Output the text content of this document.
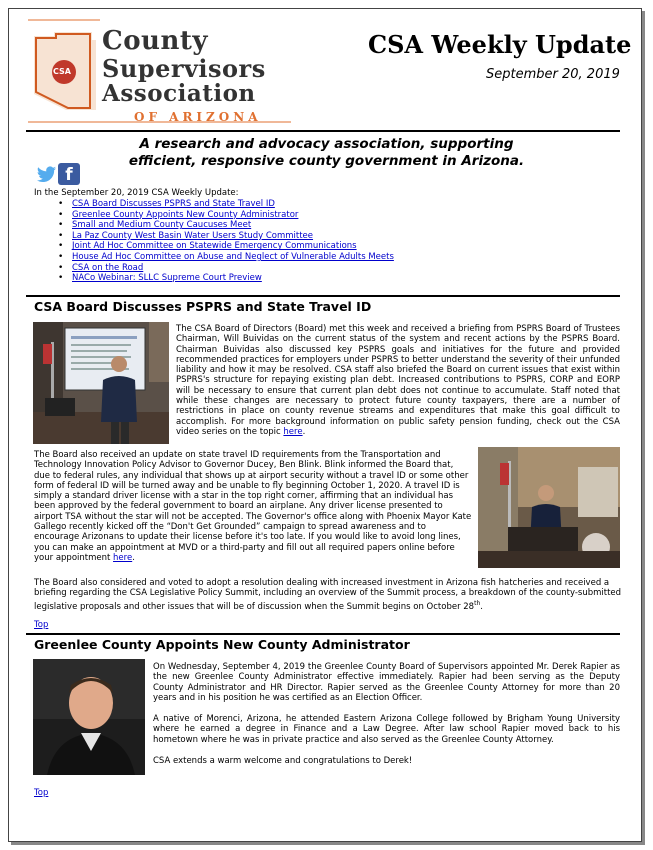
CSA
County
Supervisors
Association
OF ARIZONA
CSA Weekly Update
September 20, 2019
A research and advocacy association, supporting
efficient, responsive county government in Arizona.
f
In the September 20, 2019 CSA Weekly Update:
• CSA Board Discusses PSPRS and State Travel ID
• Greenlee County Appoints New County Administrator
• Small and Medium County Caucuses Meet
• La Paz County West Basin Water Users Study Committee
• Joint Ad Hoc Committee on Statewide Emergency Communications
• House Ad Hoc Committee on Abuse and Neglect of Vulnerable Adults Meets
• CSA on the Road
• NACo Webinar: SLLC Supreme Court Preview
CSA Board Discusses PSPRS and State Travel ID
The CSA Board of Directors (Board) met this week and received a briefing from PSPRS Board of Trustees Chairman, Will Buividas on the current status of the system and recent actions by the PSPRS Board. Chairman Buividas also discussed key PSPRS goals and initiatives for the future and provided recommended practices for employers under PSPRS to better understand the severity of their unfunded liability and how it may be resolved. CSA staff also briefed the Board on current issues that exist within PSPRS's structure for repaying existing plan debt. Increased contributions to PSPRS, CORP and EORP will be necessary to ensure that current plan debt does not continue to accumulate. Staff noted that while these changes are necessary to protect future county taxpayers, there are a number of restrictions in place on county revenue streams and expenditures that make this goal difficult to accomplish. For more background information on public safety pension funding, check out the CSA video series on the topic here.
The Board also received an update on state travel ID requirements from the Transportation and Technology Innovation Policy Advisor to Governor Ducey, Ben Blink. Blink informed the Board that, due to federal rules, any individual that shows up at airport security without a travel ID or some other form of federal ID will be turned away and be unable to fly beginning October 1, 2020. A travel ID is simply a standard driver license with a star in the top right corner, affirming that an individual has been approved by the federal government to board an airplane. Any driver license presented to airport TSA without the star will not be accepted. The Governor's office along with Phoenix Mayor Kate Gallego recently kicked off the “Don't Get Grounded” campaign to spread awareness and to encourage Arizonans to update their license before it's too late. If you would like to avoid long lines, you can make an appointment at MVD or a third-party and fill out all required papers online before your appointment here.
The Board also considered and voted to adopt a resolution dealing with increased investment in Arizona fish hatcheries and received a briefing regarding the CSA Legislative Policy Summit, including an overview of the Summit process, a breakdown of the county-submitted legislative proposals and other issues that will be of discussion when the Summit begins on October 28th.
Top
Greenlee County Appoints New County Administrator
On Wednesday, September 4, 2019 the Greenlee County Board of Supervisors appointed Mr. Derek Rapier as the new Greenlee County Administrator effective immediately. Rapier had been serving as the Deputy County Administrator and HR Director. Rapier served as the Greenlee County Attorney for more than 20 years and in his position he was certified as an Election Officer.
A native of Morenci, Arizona, he attended Eastern Arizona College followed by Brigham Young University where he earned a degree in Finance and a Law Degree. After law school Rapier moved back to his hometown where he was in private practice and also served as the Greenlee County Attorney.
CSA extends a warm welcome and congratulations to Derek!
Top
